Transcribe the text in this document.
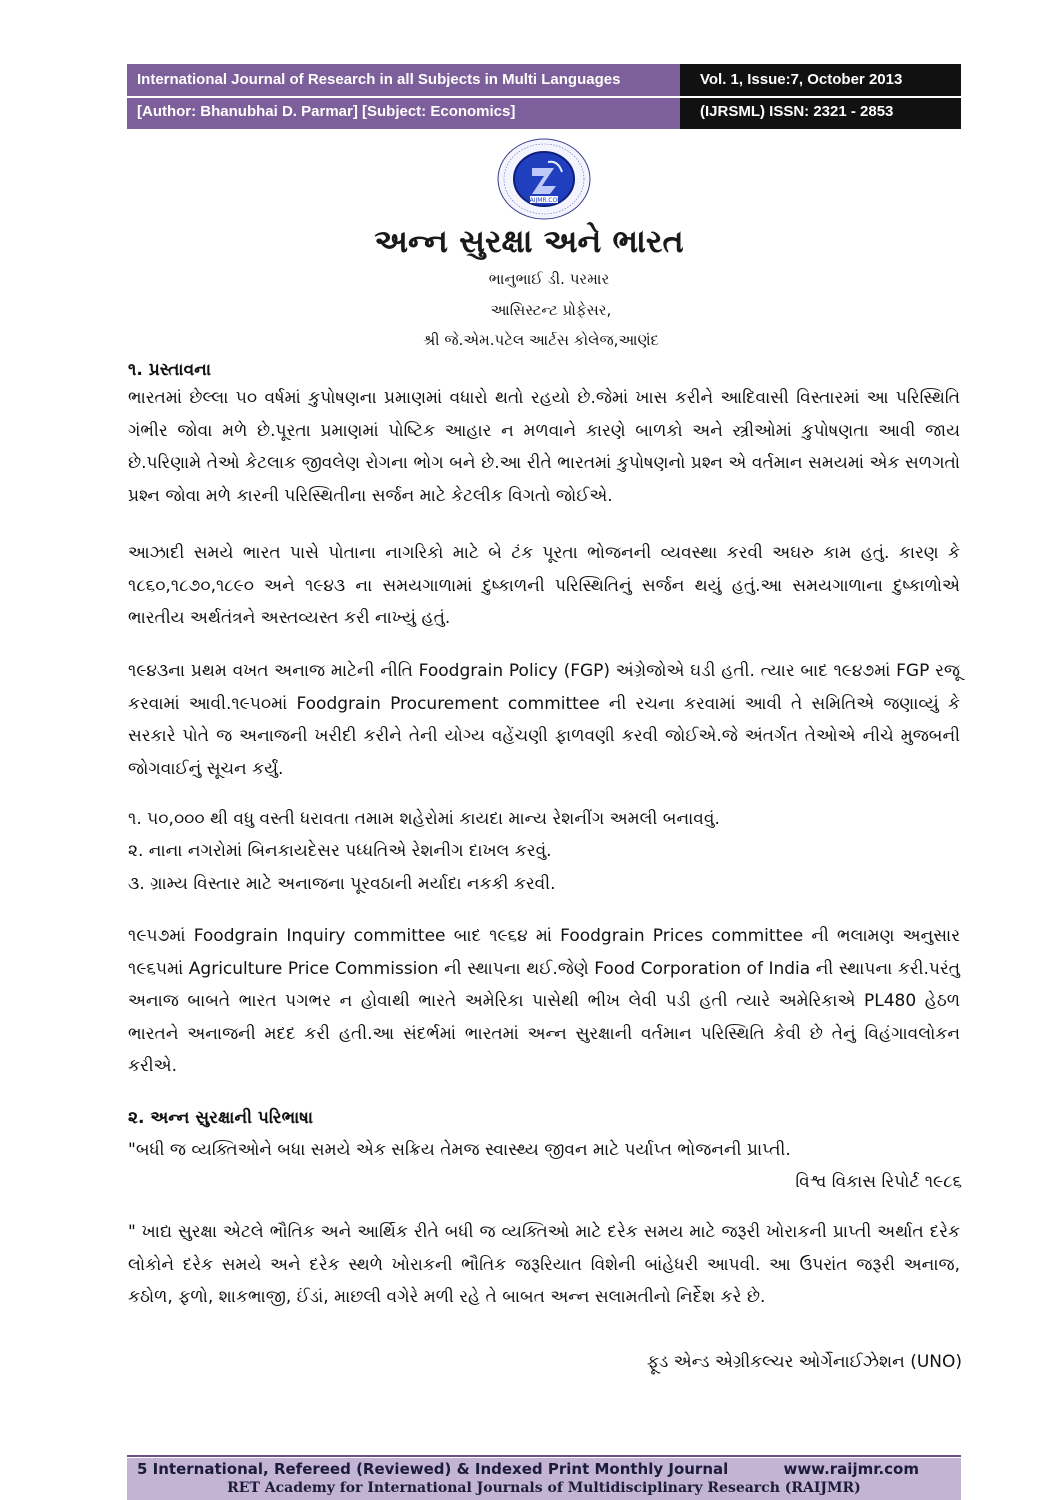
International Journal of Research in all Subjects in Multi Languages
[Author: Bhanubhai D. Parmar] [Subject: Economics]
Vol. 1, Issue:7, October 2013
(IJRSML) ISSN: 2321 - 2853
RAIJMR.COM
અન્ન સુરક્ષા અને ભારત
ભાનુભાઈ ડી. પરમાર
આસિસ્ટન્ટ પ્રોફેસર,
શ્રી જે.એમ.પટેલ આર્ટસ કોલેજ,આણંદ
૧. પ્રસ્તાવના
ભારતમાં છેલ્લા ૫૦ વર્ષમાં કુપોષણના પ્રમાણમાં વધારો થતો રહયો છે.જેમાં ખાસ કરીને આદિવાસી વિસ્તારમાં આ પરિસ્થિતિ ગંભીર જોવા મળે છે.પૂરતા પ્રમાણમાં પોષ્ટિક આહાર ન મળવાને કારણે બાળકો અને સ્ત્રીઓમાં કુપોષણતા આવી જાય છે.પરિણામે તેઓ કેટલાક જીવલેણ રોગના ભોગ બને છે.આ રીતે ભારતમાં કુપોષણનો પ્રશ્ન એ વર્તમાન સમયમાં એક સળગતો પ્રશ્ન જોવા મળે કારની પરિસ્થિતીના સર્જન માટે કેટલીક વિગતો જોઈએ.
આઝાદી સમયે ભારત પાસે પોતાના નાગરિકો માટે બે ટંક પૂરતા ભોજનની વ્યવસ્થા કરવી અઘરુ કામ હતું. કારણ કે ૧૮૬૦,૧૮૭૦,૧૮૯૦ અને ૧૯૪૩ ના સમયગાળામાં દુષ્કાળની પરિસ્થિતિનું સર્જન થયું હતું.આ સમયગાળાના દુષ્કાળોએ ભારતીય અર્થતંત્રને અસ્તવ્યસ્ત કરી નાખ્યું હતું.
૧૯૪૩ના પ્રથમ વખત અનાજ માટેની નીતિ Foodgrain Policy (FGP) અંગ્રેજોએ ઘડી હતી. ત્યાર બાદ ૧૯૪૭માં FGP રજૂ કરવામાં આવી.૧૯૫૦માં Foodgrain Procurement committee ની રચના કરવામાં આવી તે સમિતિએ જણાવ્યું કે સરકારે પોતે જ અનાજની ખરીદી કરીને તેની યોગ્ય વહેંચણી ફાળવણી કરવી જોઈએ.જે અંતર્ગત તેઓએ નીચે મુજબની જોગવાઈનું સૂચન કર્યું.
૧. ૫૦,૦૦૦ થી વધુ વસ્તી ધરાવતા તમામ શહેરોમાં કાયદા માન્ય રેશનીંગ અમલી બનાવવું.
૨. નાના નગરોમાં બિનકાયદેસર પધ્ધતિએ રેશનીગ દાખલ કરવું.
૩. ગ્રામ્ય વિસ્તાર માટે અનાજના પૂરવઠાની મર્યાદા નકકી કરવી.
૧૯૫૭માં Foodgrain Inquiry committee બાદ ૧૯૬૪ માં Foodgrain Prices committee ની ભલામણ અનુસાર ૧૯૬૫માં Agriculture Price Commission ની સ્થાપના થઈ.જેણે Food Corporation of India ની સ્થાપના કરી.પરંતુ અનાજ બાબતે ભારત પગભર ન હોવાથી ભારતે અમેરિકા પાસેથી ભીખ લેવી પડી હતી ત્યારે અમેરિકાએ PL480 હેઠળ ભારતને અનાજની મદદ કરી હતી.આ સંદર્ભમાં ભારતમાં અન્ન સુરક્ષાની વર્તમાન પરિસ્થિતિ કેવી છે તેનું વિહંગાવલોકન કરીએ.
૨. અન્ન સુરક્ષાની પરિભાષા
"બધી જ વ્યક્તિઓને બધા સમયે એક સક્રિય તેમજ સ્વાસ્થ્ય જીવન માટે પર્યાપ્ત ભોજનની પ્રાપ્તી.
વિશ્વ વિકાસ રિપોર્ટ ૧૯૮૬
" ખાદ્ય સુરક્ષા એટલે ભૌતિક અને આર્થિક રીતે બધી જ વ્યક્તિઓ માટે દરેક સમય માટે જરૂરી ખોરાકની પ્રાપ્તી અર્થાત દરેક લોકોને દરેક સમયે અને દરેક સ્થળે ખોરાકની ભૌતિક જરૂરિયાત વિશેની બાંહેધરી આપવી. આ ઉપરાંત જરૂરી અનાજ, કઠોળ, ફળો, શાકભાજી, ઈંડાં, માછલી વગેરે મળી રહે તે બાબત અન્ન સલામતીનો નિર્દેશ કરે છે.
ફૂડ એન્ડ એગ્રીકલ્ચર ઓર્ગેનાઈઝેશન (UNO)
5 International, Refereed (Reviewed) & Indexed Print Monthly Journal	www.raijmr.com
RET Academy for International Journals of Multidisciplinary Research (RAIJMR)
